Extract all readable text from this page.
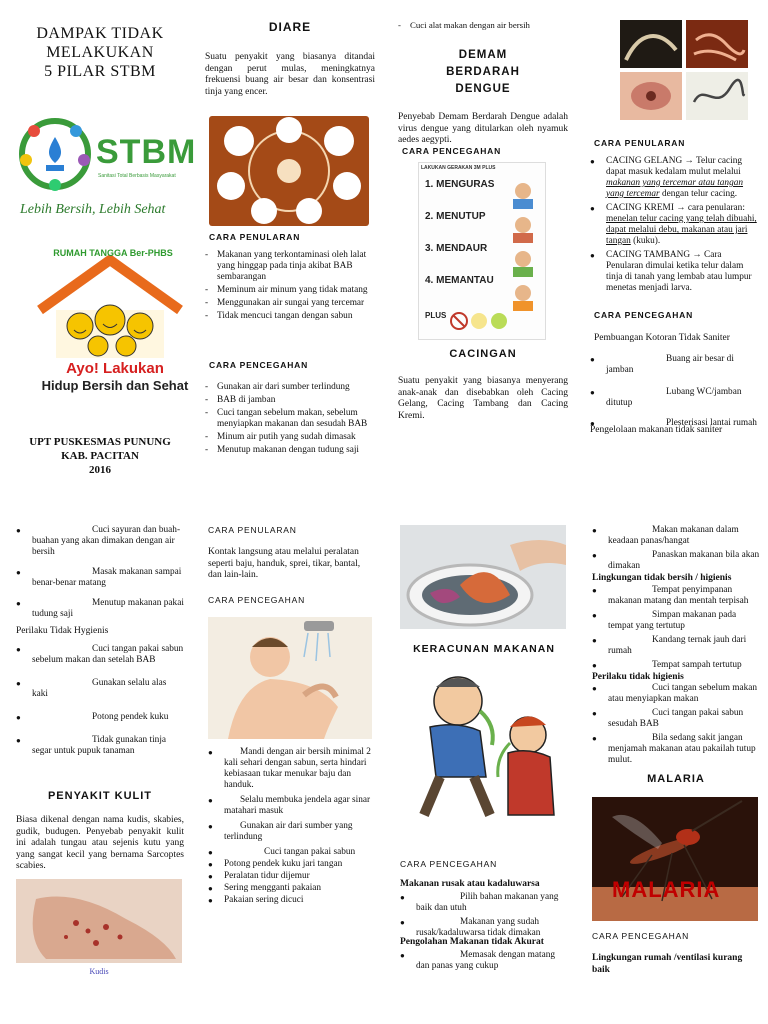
DAMPAK TIDAK
MELAKUKAN
5 PILAR STBM
STBM
Sanitasi Total Berbasis Masyarakat
Lebih Bersih, Lebih Sehat
RUMAH TANGGA Ber-PHBS
Ayo! Lakukan
Hidup Bersih dan Sehat
UPT PUSKESMAS PUNUNG
KAB. PACITAN
2016
DIARE
Suatu penyakit yang biasanya ditandai dengan perut mulas, meningkatnya frekuensi buang air besar dan konsentrasi tinja yang encer.
CARA PENULARAN
- Makanan yang terkontaminasi oleh lalat yang hinggap pada tinja akibat BAB sembarangan
- Meminum air minum yang tidak matang
- Menggunakan air sungai yang tercemar
- Tidak mencuci tangan dengan sabun
CARA PENCEGAHAN
- Gunakan air dari sumber terlindung
- BAB di jamban
- Cuci tangan sebelum makan, sebelum menyiapkan makanan dan sesudah BAB
- Minum air putih yang sudah dimasak
- Menutup makanan dengan tudung saji
- Cuci alat makan dengan air bersih
DEMAM BERDARAH DENGUE
Penyebab Demam Berdarah Dengue adalah virus dengue yang ditularkan oleh nyamuk aedes aegypti.
CARA PENCEGAHAN
LAKUKAN GERAKAN 3M PLUS
1. MENGURAS
2. MENUTUP
3. MENDAUR
4. MEMANTAU
PLUS
CACINGAN
Suatu penyakit yang biasanya menyerang anak-anak dan disebabkan oleh Cacing Gelang, Cacing Tambang dan Cacing Kremi.
CARA PENULARAN
● CACING GELANG → Telur cacing dapat masuk kedalam mulut melalui makanan yang tercemar atau tangan yang tercemar dengan telur cacing.
● CACING KREMI → cara penularan: menelan telur cacing yang telah dibuahi, dapat melalui debu, makanan atau jari tangan (kuku).
● CACING TAMBANG → Cara Penularan dimulai ketika telur dalam tinja di tanah yang lembab atau lumpur menetas menjadi larva.
CARA PENCEGAHAN
Pembuangan Kotoran Tidak Saniter
● Buang air besar di jamban
● Lubang WC/jamban ditutup
● Plesterisasi lantai rumah
Pengelolaan makanan tidak saniter
● Cuci sayuran dan buah-buahan yang akan dimakan dengan air bersih
● Masak makanan sampai benar-benar matang
● Menutup makanan pakai tudung saji
Perilaku Tidak Hygienis
● Cuci tangan pakai sabun sebelum makan dan setelah BAB
● Gunakan selalu alas kaki
● Potong pendek kuku
● Tidak gunakan tinja segar untuk pupuk tanaman
PENYAKIT KULIT
Biasa dikenal dengan nama kudis, skabies, gudik, budugen. Penyebab penyakit kulit ini adalah tungau atau sejenis kutu yang yang sangat kecil yang bernama Sarcoptes scabies.
Kudis
CARA PENULARAN
Kontak langsung atau melalui peralatan seperti baju, handuk, sprei, tikar, bantal, dan lain-lain.
CARA PENCEGAHAN
● Mandi dengan air bersih minimal 2 kali sehari dengan sabun, serta hindari kebiasaan tukar menukar baju dan handuk.
● Selalu membuka jendela agar sinar matahari masuk
● Gunakan air dari sumber yang terlindung
● Cuci tangan pakai sabun
● Potong pendek kuku jari tangan
● Peralatan tidur dijemur
● Sering mengganti pakaian
● Pakaian sering dicuci
KERACUNAN MAKANAN
CARA PENCEGAHAN
Makanan rusak atau kadaluwarsa
● Pilih bahan makanan yang baik dan utuh
● Makanan yang sudah rusak/kadaluwarsa tidak dimakan
Pengolahan Makanan tidak Akurat
● Memasak dengan matang dan panas yang cukup
● Makan makanan dalam keadaan panas/hangat
● Panaskan makanan bila akan dimakan
Lingkungan tidak bersih / higienis
● Tempat penyimpanan makanan matang dan mentah terpisah
● Simpan makanan pada tempat yang tertutup
● Kandang ternak jauh dari rumah
● Tempat sampah tertutup
Perilaku tidak higienis
● Cuci tangan sebelum makan atau menyiapkan makan
● Cuci tangan pakai sabun sesudah BAB
● Bila sedang sakit jangan menjamah makanan atau pakailah tutup mulut.
MALARIA
MALARIA
CARA PENCEGAHAN
Lingkungan rumah /ventilasi kurang baik
